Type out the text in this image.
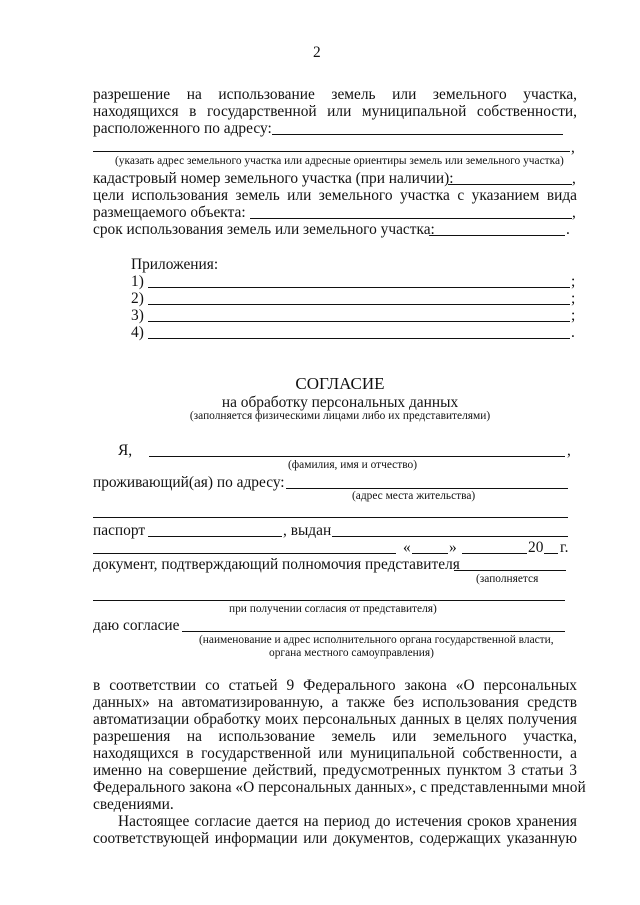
2
разрешение на использование земель или земельного участка,
находящихся в государственной или муниципальной собственности,
расположенного по адресу:
,
(указать адрес земельного участка или адресные ориентиры земель или земельного участка)
кадастровый номер земельного участка (при наличии):	,
цели использования земель или земельного участка с указанием вида
размещаемого объекта:	,
срок использования земель или земельного участка:	.
Приложения:
1)	;
2)	;
3)	;
4)	.
СОГЛАСИЕ
на обработку персональных данных
(заполняется физическими лицами либо их представителями)
Я,	,
(фамилия, имя и отчество)
проживающий(ая) по адресу:
(адрес места жительства)
паспорт	, выдан
« »	20 г.
документ, подтверждающий полномочия представителя
(заполняется
при получении согласия от представителя)
даю согласие
(наименование и адрес исполнительного органа государственной власти,
органа местного самоуправления)
в соответствии со статьей 9 Федерального закона «О персональных
данных» на автоматизированную, а также без использования средств
автоматизации обработку моих персональных данных в целях получения
разрешения на использование земель или земельного участка,
находящихся в государственной или муниципальной собственности, а
именно на совершение действий, предусмотренных пунктом 3 статьи 3
Федерального закона «О персональных данных», с представленными мной
сведениями.
Настоящее согласие дается на период до истечения сроков хранения
соответствующей информации или документов, содержащих указанную
